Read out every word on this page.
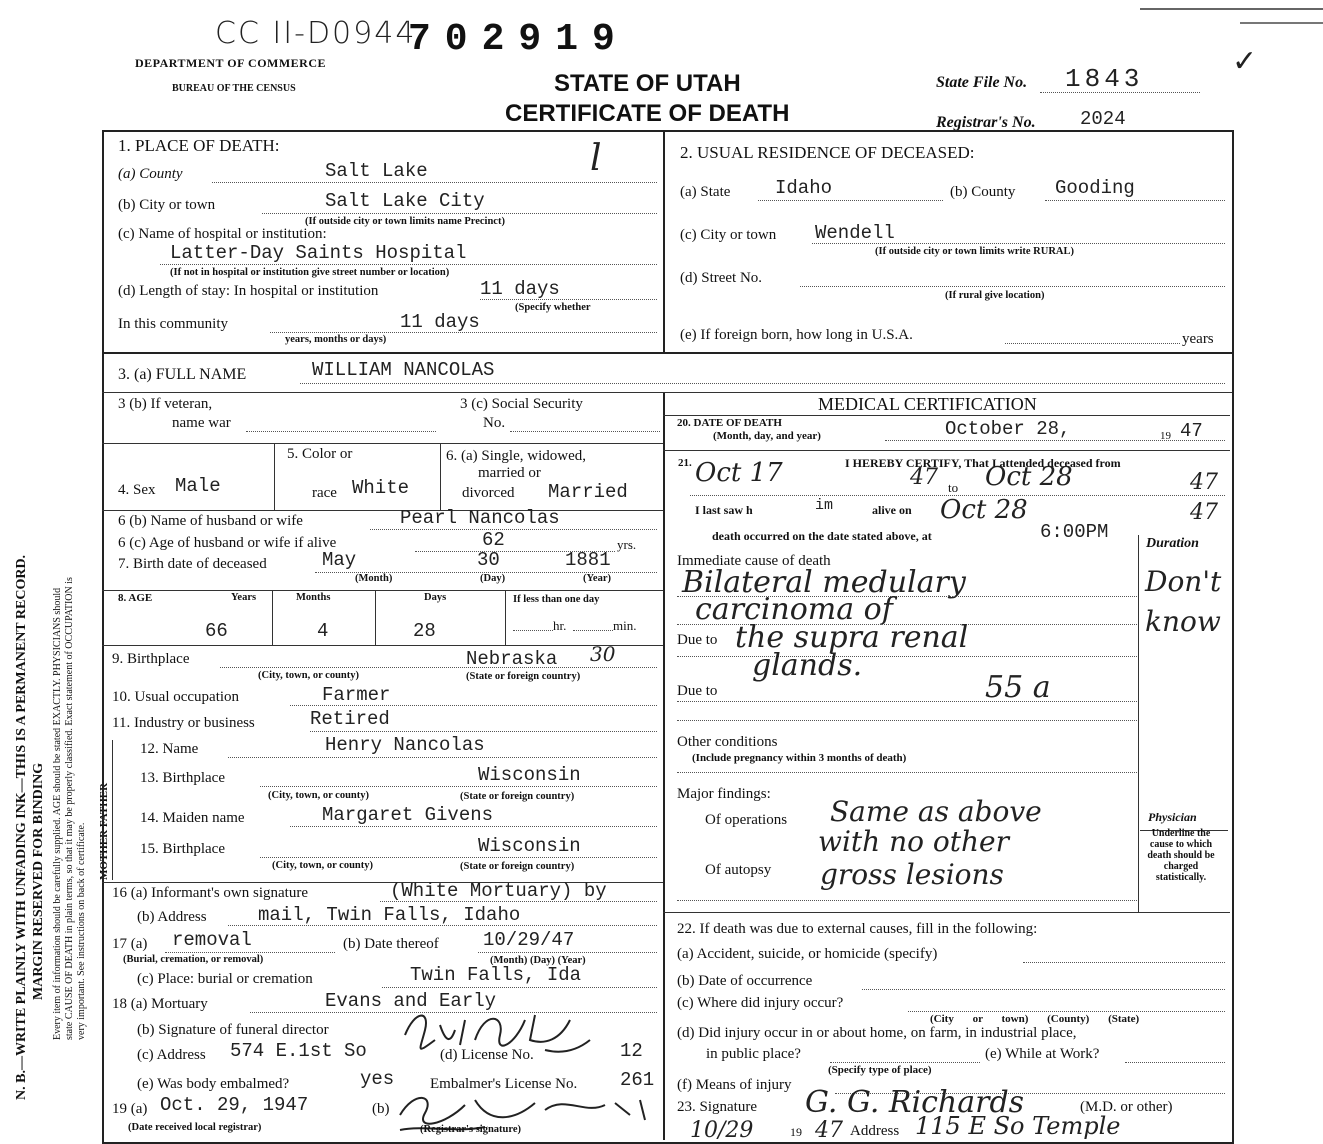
CC II-D0944
702919
DEPARTMENT OF COMMERCE
BUREAU OF THE CENSUS	STATE OF UTAH
CERTIFICATE OF DEATH
State File No. 1843	✓
Registrar's No. 2024
N. B.—WRITE PLAINLY WITH UNFADING INK—THIS IS A PERMANENT RECORD. MARGIN RESERVED FOR BINDING Every item of information should be carefully supplied. AGE should be stated EXACTLY. PHYSICIANS should state CAUSE OF DEATH in plain terms, so that it may be properly classified. Exact statement of OCCUPATION is very important. See instructions on back of certificate. MOTHER FATHER
1. PLACE OF DEATH:	l
(a) County	Salt Lake
(b) City or town	Salt Lake City
(If outside city or town limits name Precinct)
(c) Name of hospital or institution:
Latter-Day Saints Hospital
(If not in hospital or institution give street number or location)
(d) Length of stay: In hospital or institution	11 days
(Specify whether
In this community	11 days
years, months or days)
2. USUAL RESIDENCE OF DECEASED:
(a) State Idaho	(b) County Gooding
(c) City or town Wendell
(If outside city or town limits write RURAL)
(d) Street No.
(If rural give location)
(e) If foreign born, how long in U.S.A.	years
3. (a) FULL NAME	WILLIAM NANCOLAS
3 (b) If veteran,
name war
3 (c) Social Security
No.
4. Sex Male
5. Color or
race White
6. (a) Single, widowed,
married or
divorced Married
6 (b) Name of husband or wife	Pearl Nancolas
6 (c) Age of husband or wife if alive	62	yrs.
7. Birth date of deceased	May	30	1881
(Month)	(Day)	(Year)
8. AGE	Years	Months	Days	If less than one day
66	4	28	hr.	min.
9. Birthplace	Nebraska 30
(City, town, or county)	(State or foreign country)
10. Usual occupation	Farmer
11. Industry or business	Retired
12. Name	Henry Nancolas
13. Birthplace	Wisconsin
(City, town, or county)	(State or foreign country)
14. Maiden name	Margaret Givens
15. Birthplace	Wisconsin
(City, town, or county)	(State or foreign country)
16 (a) Informant's own signature	(White Mortuary) by
(b) Address	mail, Twin Falls, Idaho
17 (a) removal
(Burial, cremation, or removal)
(b) Date thereof 10/29/47
(Month) (Day) (Year)
(c) Place: burial or cremation	Twin Falls, Ida
18 (a) Mortuary	Evans and Early
(b) Signature of funeral director
(c) Address 574 E.1st So	(d) License No.	12
(e) Was body embalmed?	yes Embalmer's License No. 261
19 (a) Oct. 29, 1947
(Date received local registrar)
(b)
(Registrar's signature)
MEDICAL CERTIFICATION
20. DATE OF DEATH
(Month, day, and year)	October 28,	19 47
21.	I HEREBY CERTIFY, That I attended deceased from
Oct 17	47 to Oct 28	47
I last saw h	im	alive on Oct 28	47
death occurred on the date stated above, at	6:00PM
Duration
Immediate cause of death
Bilateral medulary
carcinoma of
Due to the supra renal
glands.
Due to	55 a
Don't
know
Other conditions
(Include pregnancy within 3 months of death)
Major findings:
Of operations Same as above
with no other
Of autopsy gross lesions
Physician
Underline the cause to which death should be charged statistically.
22. If death was due to external causes, fill in the following:
(a) Accident, suicide, or homicide (specify)
(b) Date of occurrence
(c) Where did injury occur?
(City or town) (County) (State)
(d) Did injury occur in or about home, on farm, in industrial place,
in public place?
(Specify type of place)
(e) While at Work?
(f) Means of injury
23. Signature G. G. Richards	(M.D. or other)
10/29	19 47 Address 115 E So Temple
